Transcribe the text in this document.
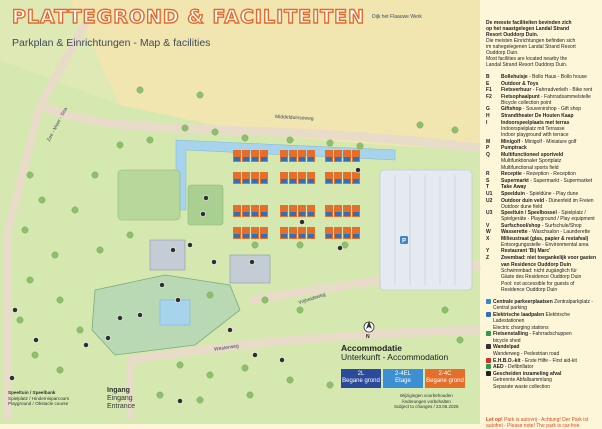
P
PLATTEGROND & FACILITEITEN
Parkplan & Einrichtungen - Map & facilities
Dijk het Flaauwe Werk
Zee - Meer - Sea	Middelduinseweg
Westerweg
Vrijheidsweg
N
Ingang
Eingang
Entrance
Speeltuin / Speelbank
Spielplatz / Hindernisparcours
Playground / Obstacle course
Accommodatie
Unterkunft - Accommodation
2L
Begane grond
2-4EL
Etage
2-4C
Begane grond
Wijzigingen voorbehouden
Änderungen vorbehalten
Subject to changes / 23.06.2025
De meeste faciliteiten bevinden zich
op het naastgelegen Landal Strand
Resort Ouddorp Duin.
Die meisten Einrichtungen befinden sich
im nahegelegenen Landal Strand Resort
Ouddorp Duin.
Most facilities are located nearby the
Landal Strand Resort Ouddorp Duin.
B	Bollehuisje - Bollo Haus - Bollo house
E	Outdoor & Toys
F1	Fietsverhuur - Fahrradverleih - Bike rent
F2	Fietsophaalpunt - Fahrradsammelstelle
Bicycle collection point
G	Giftshop - Souvenirshop - Gift shop
H	Strandtheater De Houten Kaap
I	Indoorspeelplaats met terras
Indoorspielplatz mit Terrasse
Indoor playground with terrace
M	Minigolf - Minigolf - Miniature golf
P	Pumptrack
Q	Multifunctioneel sportveld
Multifunktionaler Sportplatz
Multifunctional sports field
R	Receptie - Rezeption - Reception
S	Supermarkt - Supermarkt - Supermarket
T	Take Away
U1	Speelduin - Spieldüne - Play dune
U2	Outdoor duin veld - Dünenfeld im Freien
Outdoor dune field
U3	Speeltuin / Speelbossel - Spielplatz /
Spielgeräte - Playground / Play equipment
V	Surfschool/shop - Surfschule/Shop
W	Wasserette - Waschsalon - Launderette
X	Milieustraat (glas, papier & restafval)
Entsorgungsstelle - Environmental area
Y	Restaurant 'Bij Marc'
Z	Zwembad: niet toegankelijk voor gasten
van Residence Ouddorp Duin
Schwimmbad: nicht zugänglich für
Gäste des Residence Ouddorp Duin
Pool: not accessible for guests of
Residence Ouddorp Duin
Centrale parkeerplaatsen Zentralparkplatz - Central parking
Elektrische laadpalen Elektrische Ladestationen
Electric charging stations
Fietsenstalling - Fahrradschuppen
bicycle shed
Wandelpad
Wanderweg - Pedestrian road
E.H.B.O.-kit - Erste Hilfe - First aid-kit
AED - Defibrillator
Gescheiden inzameling afval
Getrennte Abfallsammlung
Separate waste collection
Let op! Park is autovrij - Achtung! Der Park ist autofrei - Please note! The park is car-free
